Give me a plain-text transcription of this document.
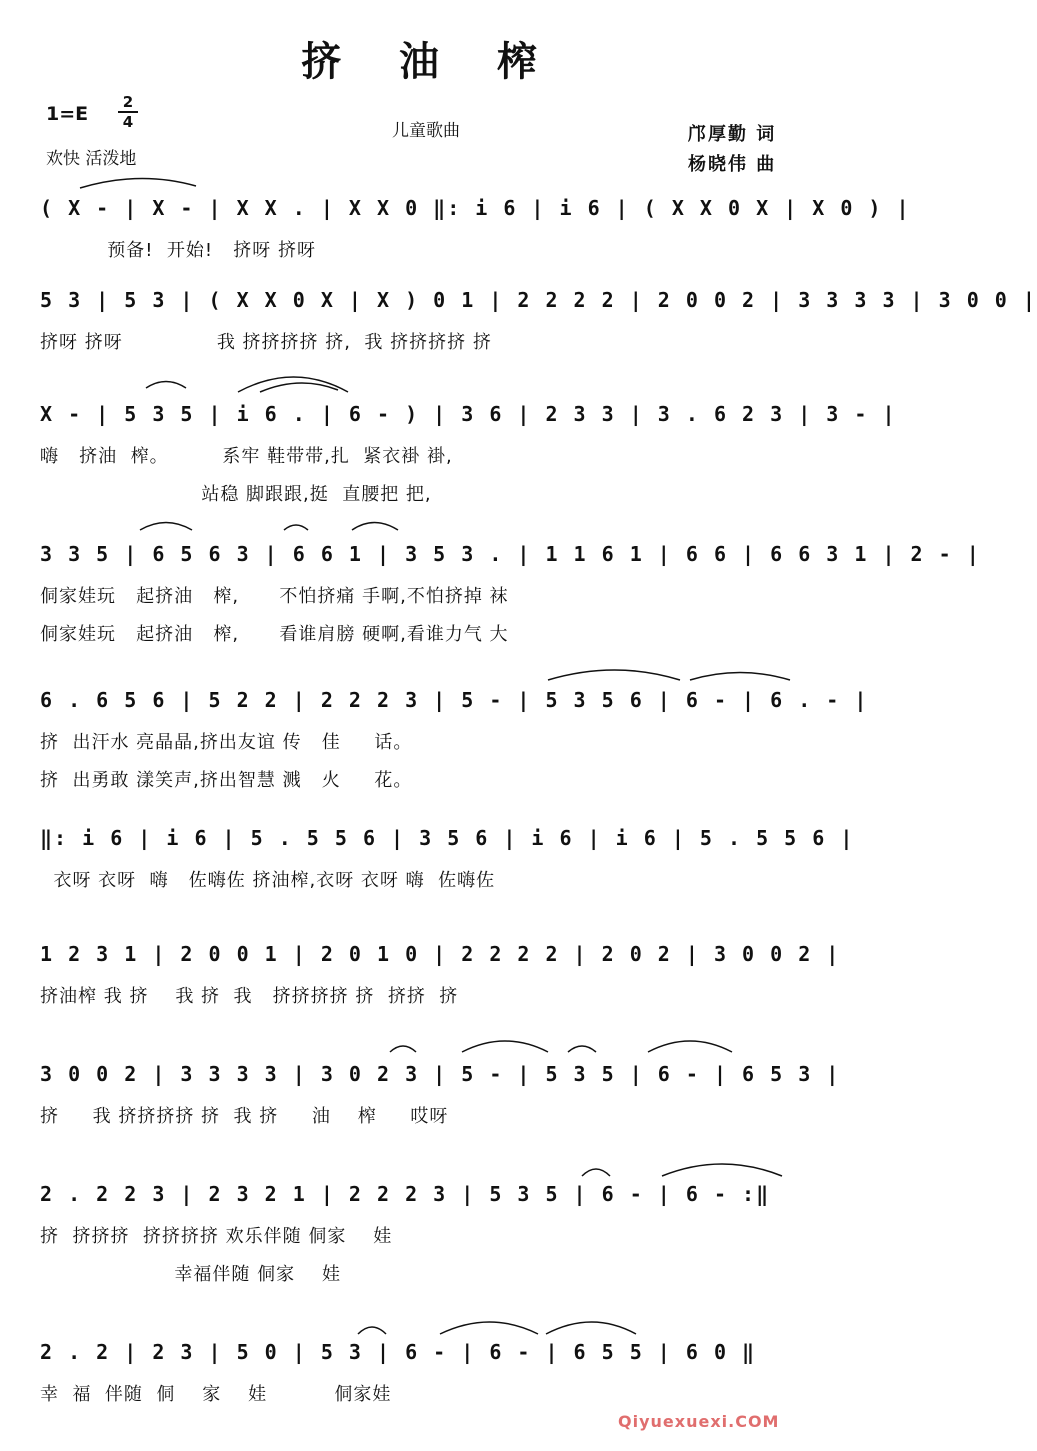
挤 油 榨
1=E
2
4
欢快 活泼地
儿童歌曲	邝厚勤 词
杨晓伟 曲
( X - | X - | X X . | X X 0 ‖: i 6 | i 6 | ( X X 0 X | X 0 ) |
预备!  开始!   挤呀 挤呀
5 3 | 5 3 | ( X X 0 X | X ) 0 1 | 2 2 2 2 | 2 0 0 2 | 3 3 3 3 | 3 0 0 |
挤呀 挤呀              我 挤挤挤挤 挤,  我 挤挤挤挤 挤
X - | 5 3 5 | i 6 . | 6 - ) | 3 6 | 2 3 3 | 3 . 6 2 3 | 3 - |
嗨   挤油  榨。        系牢 鞋带带,扎  紧衣褂 褂,
站稳 脚跟跟,挺  直腰把 把,
3 3 5 | 6 5 6 3 | 6 6 1 | 3 5 3 . | 1 1 6 1 | 6 6 | 6 6 3 1 | 2 - |
侗家娃玩   起挤油   榨,      不怕挤痛 手啊,不怕挤掉 袜
侗家娃玩   起挤油   榨,      看谁肩膀 硬啊,看谁力气 大
6 . 6 5 6 | 5 2 2 | 2 2 2 3 | 5 - | 5 3 5 6 | 6 - | 6 . - |
挤  出汗水 亮晶晶,挤出友谊 传   佳     话。
挤  出勇敢 漾笑声,挤出智慧 溅   火     花。
‖: i 6 | i 6 | 5 . 5 5 6 | 3 5 6 | i 6 | i 6 | 5 . 5 5 6 |
衣呀 衣呀  嗨   佐嗨佐 挤油榨,衣呀 衣呀 嗨  佐嗨佐
1 2 3 1 | 2 0 0 1 | 2 0 1 0 | 2 2 2 2 | 2 0 2 | 3 0 0 2 |
挤油榨 我 挤    我 挤  我   挤挤挤挤 挤  挤挤  挤
3 0 0 2 | 3 3 3 3 | 3 0 2 3 | 5 - | 5 3 5 | 6 - | 6 5 3 |
挤     我 挤挤挤挤 挤  我 挤     油    榨     哎呀
2 . 2 2 3 | 2 3 2 1 | 2 2 2 3 | 5 3 5 | 6 - | 6 - :‖
挤  挤挤挤  挤挤挤挤 欢乐伴随 侗家    娃
幸福伴随 侗家    娃
2 . 2 | 2 3 | 5 0 | 5 3 | 6 - | 6 - | 6 5 5 | 6 0 ‖
幸  福  伴随  侗    家    娃          侗家娃
Qiyuexuexi.COM
